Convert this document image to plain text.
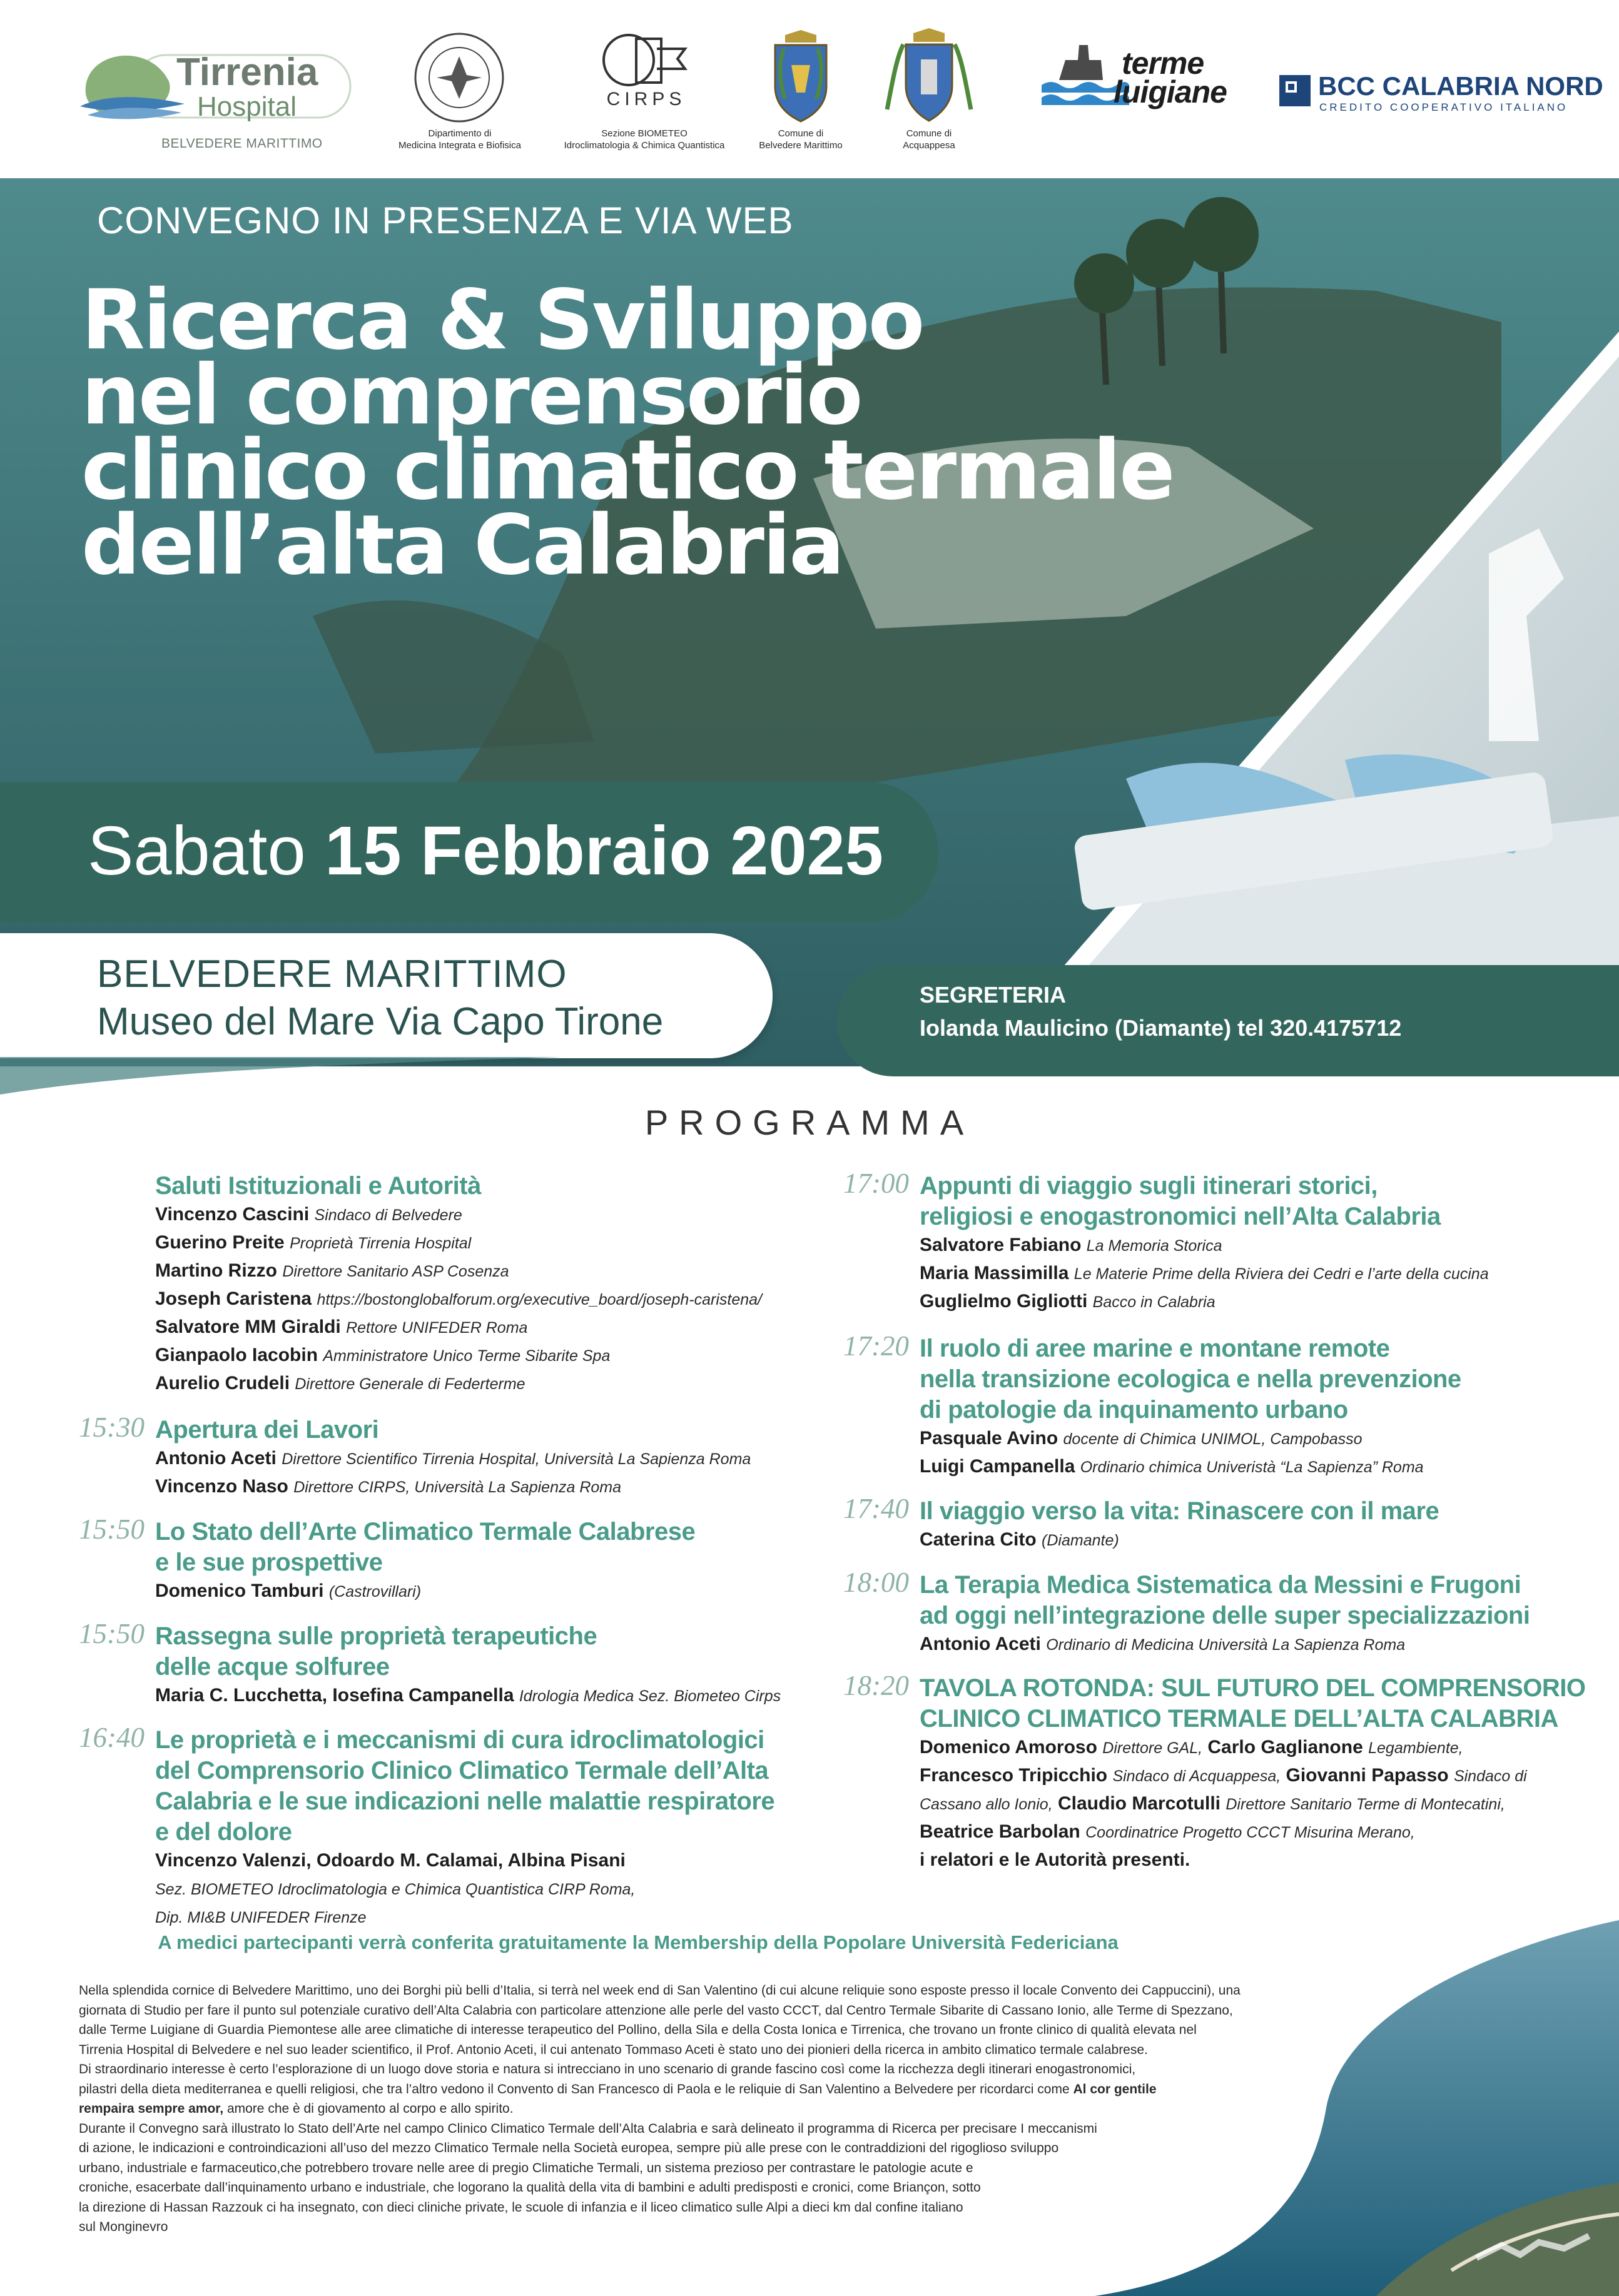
Tirrenia
Hospital
BELVEDERE MARITTIMO
Dipartimento di
Medicina Integrata e Biofisica
CIRPS
Sezione BIOMETEO
Idroclimatologia & Chimica Quantistica
Comune di
Belvedere Marittimo
Comune di
Acquappesa
terme
luigiane	BCC CALABRIA NORD
CREDITO COOPERATIVO ITALIANO
CONVEGNO IN PRESENZA E VIA WEB
Ricerca & Sviluppo
nel comprensorio
clinico climatico termale
dell’alta Calabria
Sabato 15 Febbraio 2025
BELVEDERE MARITTIMO
Museo del Mare Via Capo Tirone
SEGRETERIA
Iolanda Maulicino (Diamante) tel 320.4175712
PROGRAMMA
Saluti Istituzionali e Autorità
Vincenzo Cascini Sindaco di Belvedere
Guerino Preite Proprietà Tirrenia Hospital
Martino Rizzo Direttore Sanitario ASP Cosenza
Joseph Caristena https://bostonglobalforum.org/executive_board/joseph-caristena/
Salvatore MM Giraldi Rettore UNIFEDER Roma
Gianpaolo Iacobin Amministratore Unico Terme Sibarite Spa
Aurelio Crudeli Direttore Generale di Federterme
15:30 Apertura dei Lavori
Antonio Aceti Direttore Scientifico Tirrenia Hospital, Università La Sapienza Roma
Vincenzo Naso Direttore CIRPS, Università La Sapienza Roma
15:50 Lo Stato dell’Arte Climatico Termale Calabrese
e le sue prospettive
Domenico Tamburi (Castrovillari)
15:50 Rassegna sulle proprietà terapeutiche
delle acque solfuree
Maria C. Lucchetta, Iosefina Campanella Idrologia Medica Sez. Biometeo Cirps
16:40 Le proprietà e i meccanismi di cura idroclimatologici
del Comprensorio Clinico Climatico Termale dell’Alta
Calabria e le sue indicazioni nelle malattie respiratore
e del dolore
Vincenzo Valenzi, Odoardo M. Calamai, Albina Pisani
Sez. BIOMETEO Idroclimatologia e Chimica Quantistica CIRP Roma,
Dip. MI&B UNIFEDER Firenze
17:00 Appunti di viaggio sugli itinerari storici,
religiosi e enogastronomici nell’Alta Calabria
Salvatore Fabiano La Memoria Storica
Maria Massimilla Le Materie Prime della Riviera dei Cedri e l’arte della cucina
Guglielmo Gigliotti Bacco in Calabria
17:20 Il ruolo di aree marine e montane remote
nella transizione ecologica e nella prevenzione
di patologie da inquinamento urbano
Pasquale Avino docente di Chimica UNIMOL, Campobasso
Luigi Campanella Ordinario chimica Univeristà “La Sapienza” Roma
17:40 Il viaggio verso la vita: Rinascere con il mare
Caterina Cito (Diamante)
18:00 La Terapia Medica Sistematica da Messini e Frugoni
ad oggi nell’integrazione delle super specializzazioni
Antonio Aceti Ordinario di Medicina Università La Sapienza Roma
18:20 TAVOLA ROTONDA: SUL FUTURO DEL COMPRENSORIO
CLINICO CLIMATICO TERMALE DELL’ALTA CALABRIA
Domenico Amoroso Direttore GAL, Carlo Gaglianone Legambiente,
Francesco Tripicchio Sindaco di Acquappesa, Giovanni Papasso Sindaco di
Cassano allo Ionio, Claudio Marcotulli Direttore Sanitario Terme di Montecatini,
Beatrice Barbolan Coordinatrice Progetto CCCT Misurina Merano,
i relatori e le Autorità presenti.
A medici partecipanti verrà conferita gratuitamente la Membership della Popolare Università Federiciana
Nella splendida cornice di Belvedere Marittimo, uno dei Borghi più belli d’Italia, si terrà nel week end di San Valentino (di cui alcune reliquie sono esposte presso il locale Convento dei Cappuccini), una
giornata di Studio per fare il punto sul potenziale curativo dell’Alta Calabria con particolare attenzione alle perle del vasto CCCT, dal Centro Termale Sibarite di Cassano Ionio, alle Terme di Spezzano,
dalle Terme Luigiane di Guardia Piemontese alle aree climatiche di interesse terapeutico del Pollino, della Sila e della Costa Ionica e Tirrenica, che trovano un fronte clinico di qualità elevata nel
Tirrenia Hospital di Belvedere e nel suo leader scientifico, il Prof. Antonio Aceti, il cui antenato Tommaso Aceti è stato uno dei pionieri della ricerca in ambito climatico termale calabrese.
Di straordinario interesse è certo l’esplorazione di un luogo dove storia e natura si intrecciano in uno scenario di grande fascino così come la ricchezza degli itinerari enogastronomici,
pilastri della dieta mediterranea e quelli religiosi, che tra l’altro vedono il Convento di San Francesco di Paola e le reliquie di San Valentino a Belvedere per ricordarci come Al cor gentile
rempaira sempre amor, amore che è di giovamento al corpo e allo spirito.
Durante il Convegno sarà illustrato lo Stato dell’Arte nel campo Clinico Climatico Termale dell’Alta Calabria e sarà delineato il programma di Ricerca per precisare I meccanismi
di azione, le indicazioni e controindicazioni all’uso del mezzo Climatico Termale nella Società europea, sempre più alle prese con le contraddizioni del rigoglioso sviluppo
urbano, industriale e farmaceutico,che potrebbero trovare nelle aree di pregio Climatiche Termali, un sistema prezioso per contrastare le patologie acute e
croniche, esacerbate dall’inquinamento urbano e industriale, che logorano la qualità della vita di bambini e adulti predisposti e cronici, come Briançon, sotto
la direzione di Hassan Razzouk ci ha insegnato, con dieci cliniche private, le scuole di infanzia e il liceo climatico sulle Alpi a dieci km dal confine italiano
sul Monginevro
